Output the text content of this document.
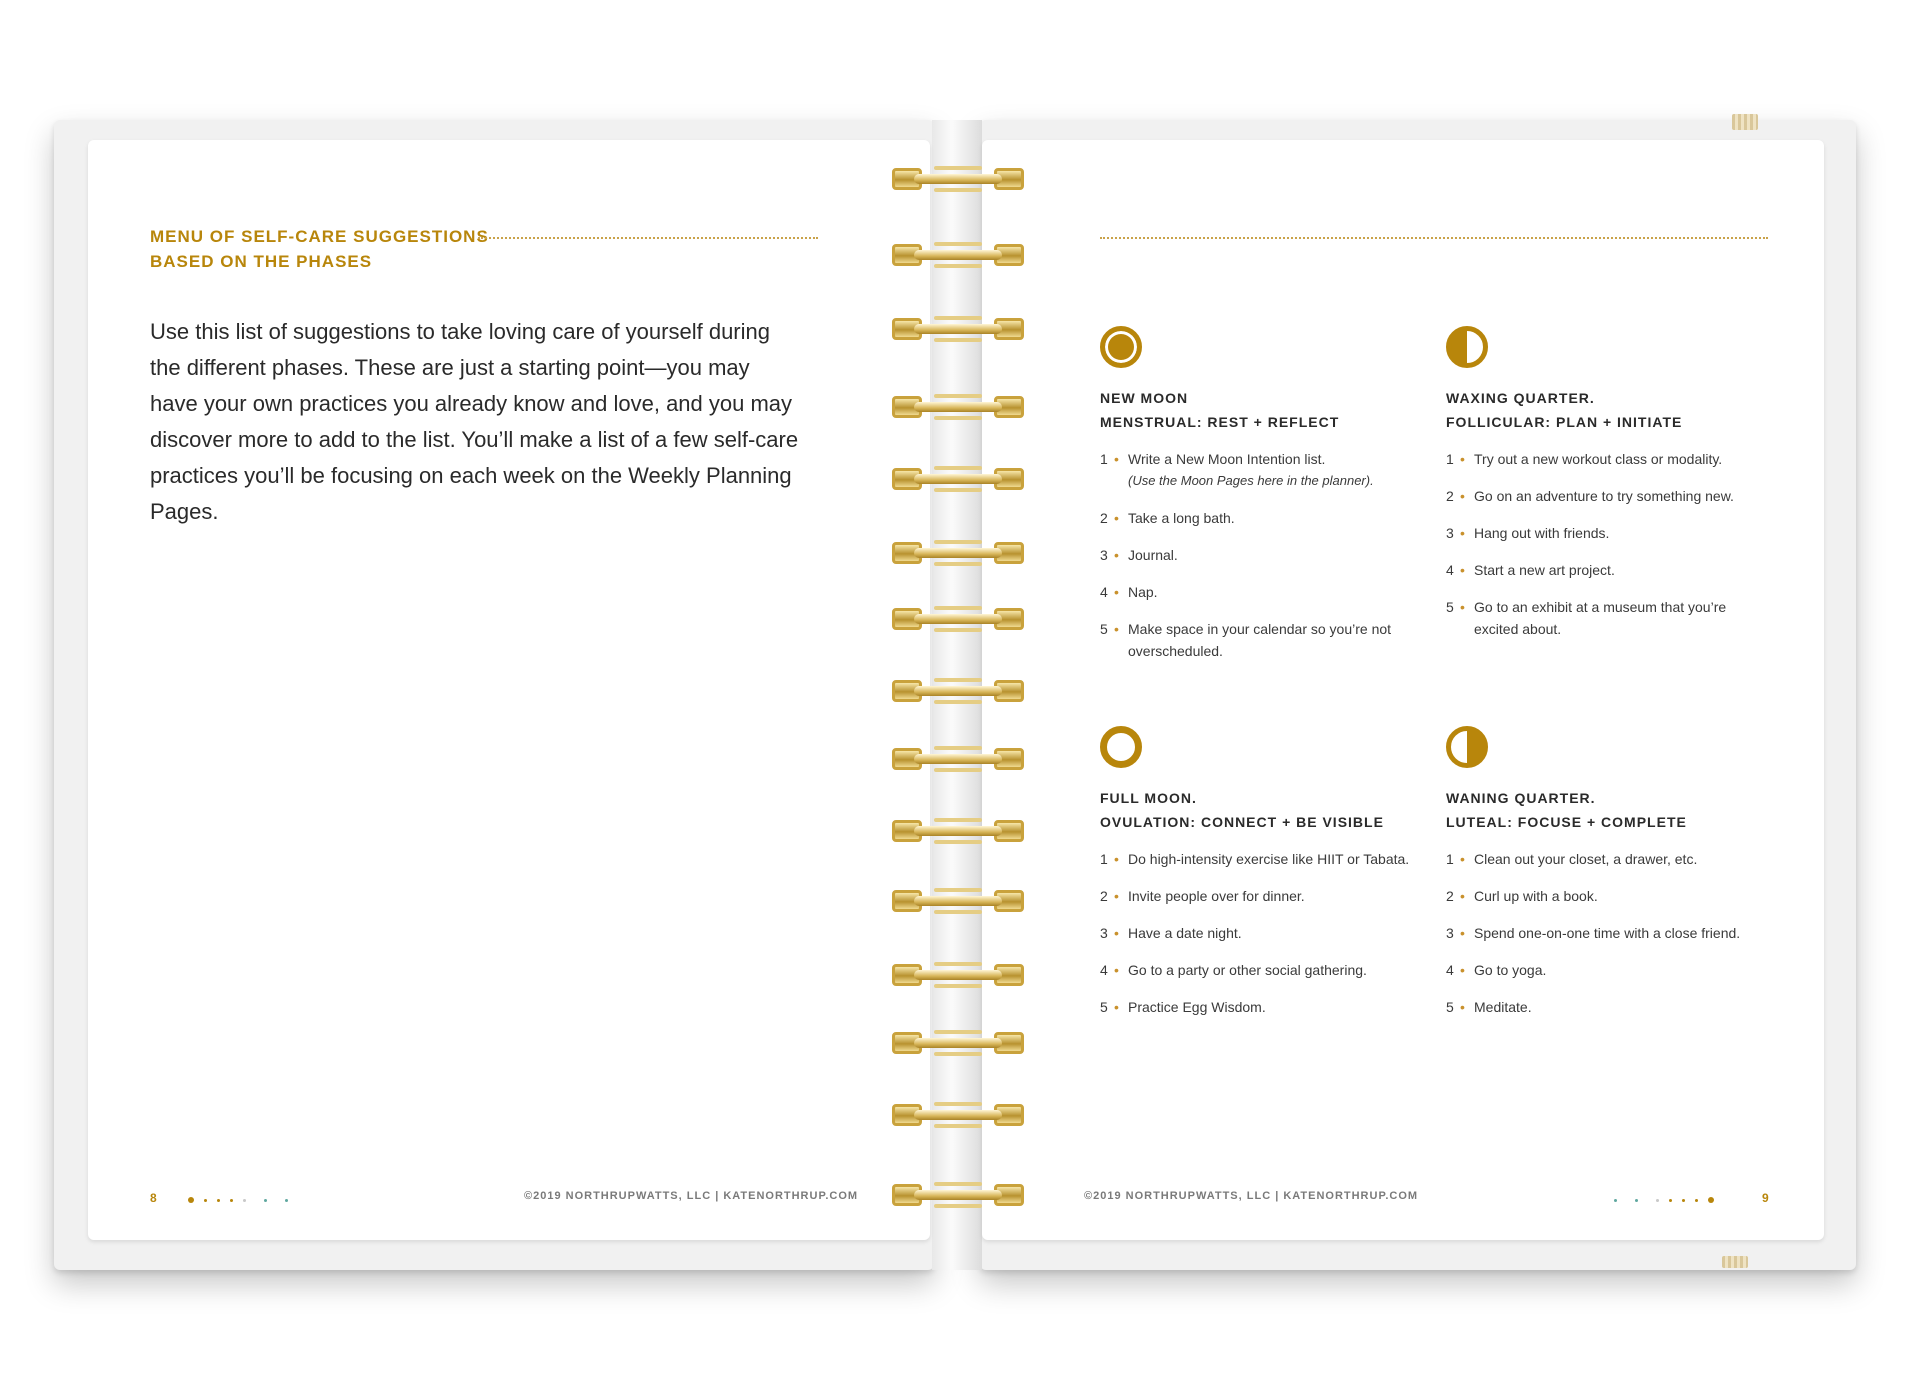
MENU OF SELF-CARE SUGGESTIONS
BASED ON THE PHASES
Use this list of suggestions to take loving care of yourself during the different phases. These are just a starting point—you may have your own practices you already know and love, and you may discover more to add to the list. You’ll make a list of a few self-care practices you’ll be focusing on each week on the Weekly Planning Pages.
8	©2019 NORTHRUPWATTS, LLC | KATENORTHRUP.COM
NEW MOON
MENSTRUAL: REST + REFLECT
1 • Write a New Moon Intention list.
(Use the Moon Pages here in the planner).
2 • Take a long bath.
3 • Journal.
4 • Nap.
5 • Make space in your calendar so you’re not overscheduled.
WAXING QUARTER.
FOLLICULAR: PLAN + INITIATE
1 • Try out a new workout class or modality.
2 • Go on an adventure to try something new.
3 • Hang out with friends.
4 • Start a new art project.
5 • Go to an exhibit at a museum that you’re excited about.
FULL MOON.
OVULATION: CONNECT + BE VISIBLE
1 • Do high-intensity exercise like HIIT or Tabata.
2 • Invite people over for dinner.
3 • Have a date night.
4 • Go to a party or other social gathering.
5 • Practice Egg Wisdom.
WANING QUARTER.
LUTEAL: FOCUSE + COMPLETE
1 • Clean out your closet, a drawer, etc.
2 • Curl up with a book.
3 • Spend one-on-one time with a close friend.
4 • Go to yoga.
5 • Meditate.
©2019 NORTHRUPWATTS, LLC | KATENORTHRUP.COM	9
